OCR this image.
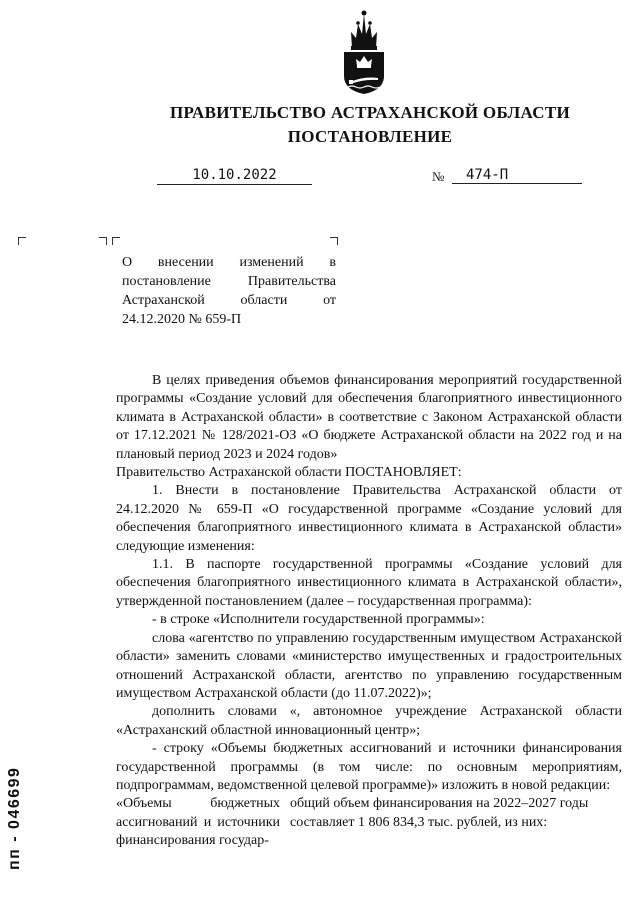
ПРАВИТЕЛЬСТВО АСТРАХАНСКОЙ ОБЛАСТИ
ПОСТАНОВЛЕНИЕ
10.10.2022	№	474-П

О внесении изменений в постановление Правительства Астраханской области от 24.12.2020 № 659-П

В целях приведения объемов финансирования мероприятий государственной программы «Создание условий для обеспечения благоприятного инвестиционного климата в Астраханской области» в соответствие с Законом Астраханской области от 17.12.2021 № 128/2021-ОЗ «О бюджете Астраханской области на 2022 год и на плановый период 2023 и 2024 годов»

Правительство Астраханской области ПОСТАНОВЛЯЕТ:

1. Внести в постановление Правительства Астраханской области от 24.12.2020 № 659-П «О государственной программе «Создание условий для обеспечения благоприятного инвестиционного климата в Астраханской области» следующие изменения:

1.1. В паспорте государственной программы «Создание условий для обеспечения благоприятного инвестиционного климата в Астраханской области», утвержденной постановлением (далее – государственная программа):

- в строке «Исполнители государственной программы»:

слова «агентство по управлению государственным имуществом Астраханской области» заменить словами «министерство имущественных и градостроительных отношений Астраханской области, агентство по управлению государственным имуществом Астраханской области (до 11.07.2022)»;

дополнить словами «, автономное учреждение Астраханской области «Астраханский областной инновационный центр»;

- строку «Объемы бюджетных ассигнований и источники финансирования государственной программы (в том числе: по основным мероприятиям, подпрограммам, ведомственной целевой программе)» изложить в новой редакции:

«Объемы бюджетных ассигнований и источники финансирования государ-
общий объем финансирования на 2022–2027 годы составляет 1 806 834,3 тыс. рублей, из них:
пп - 046699
